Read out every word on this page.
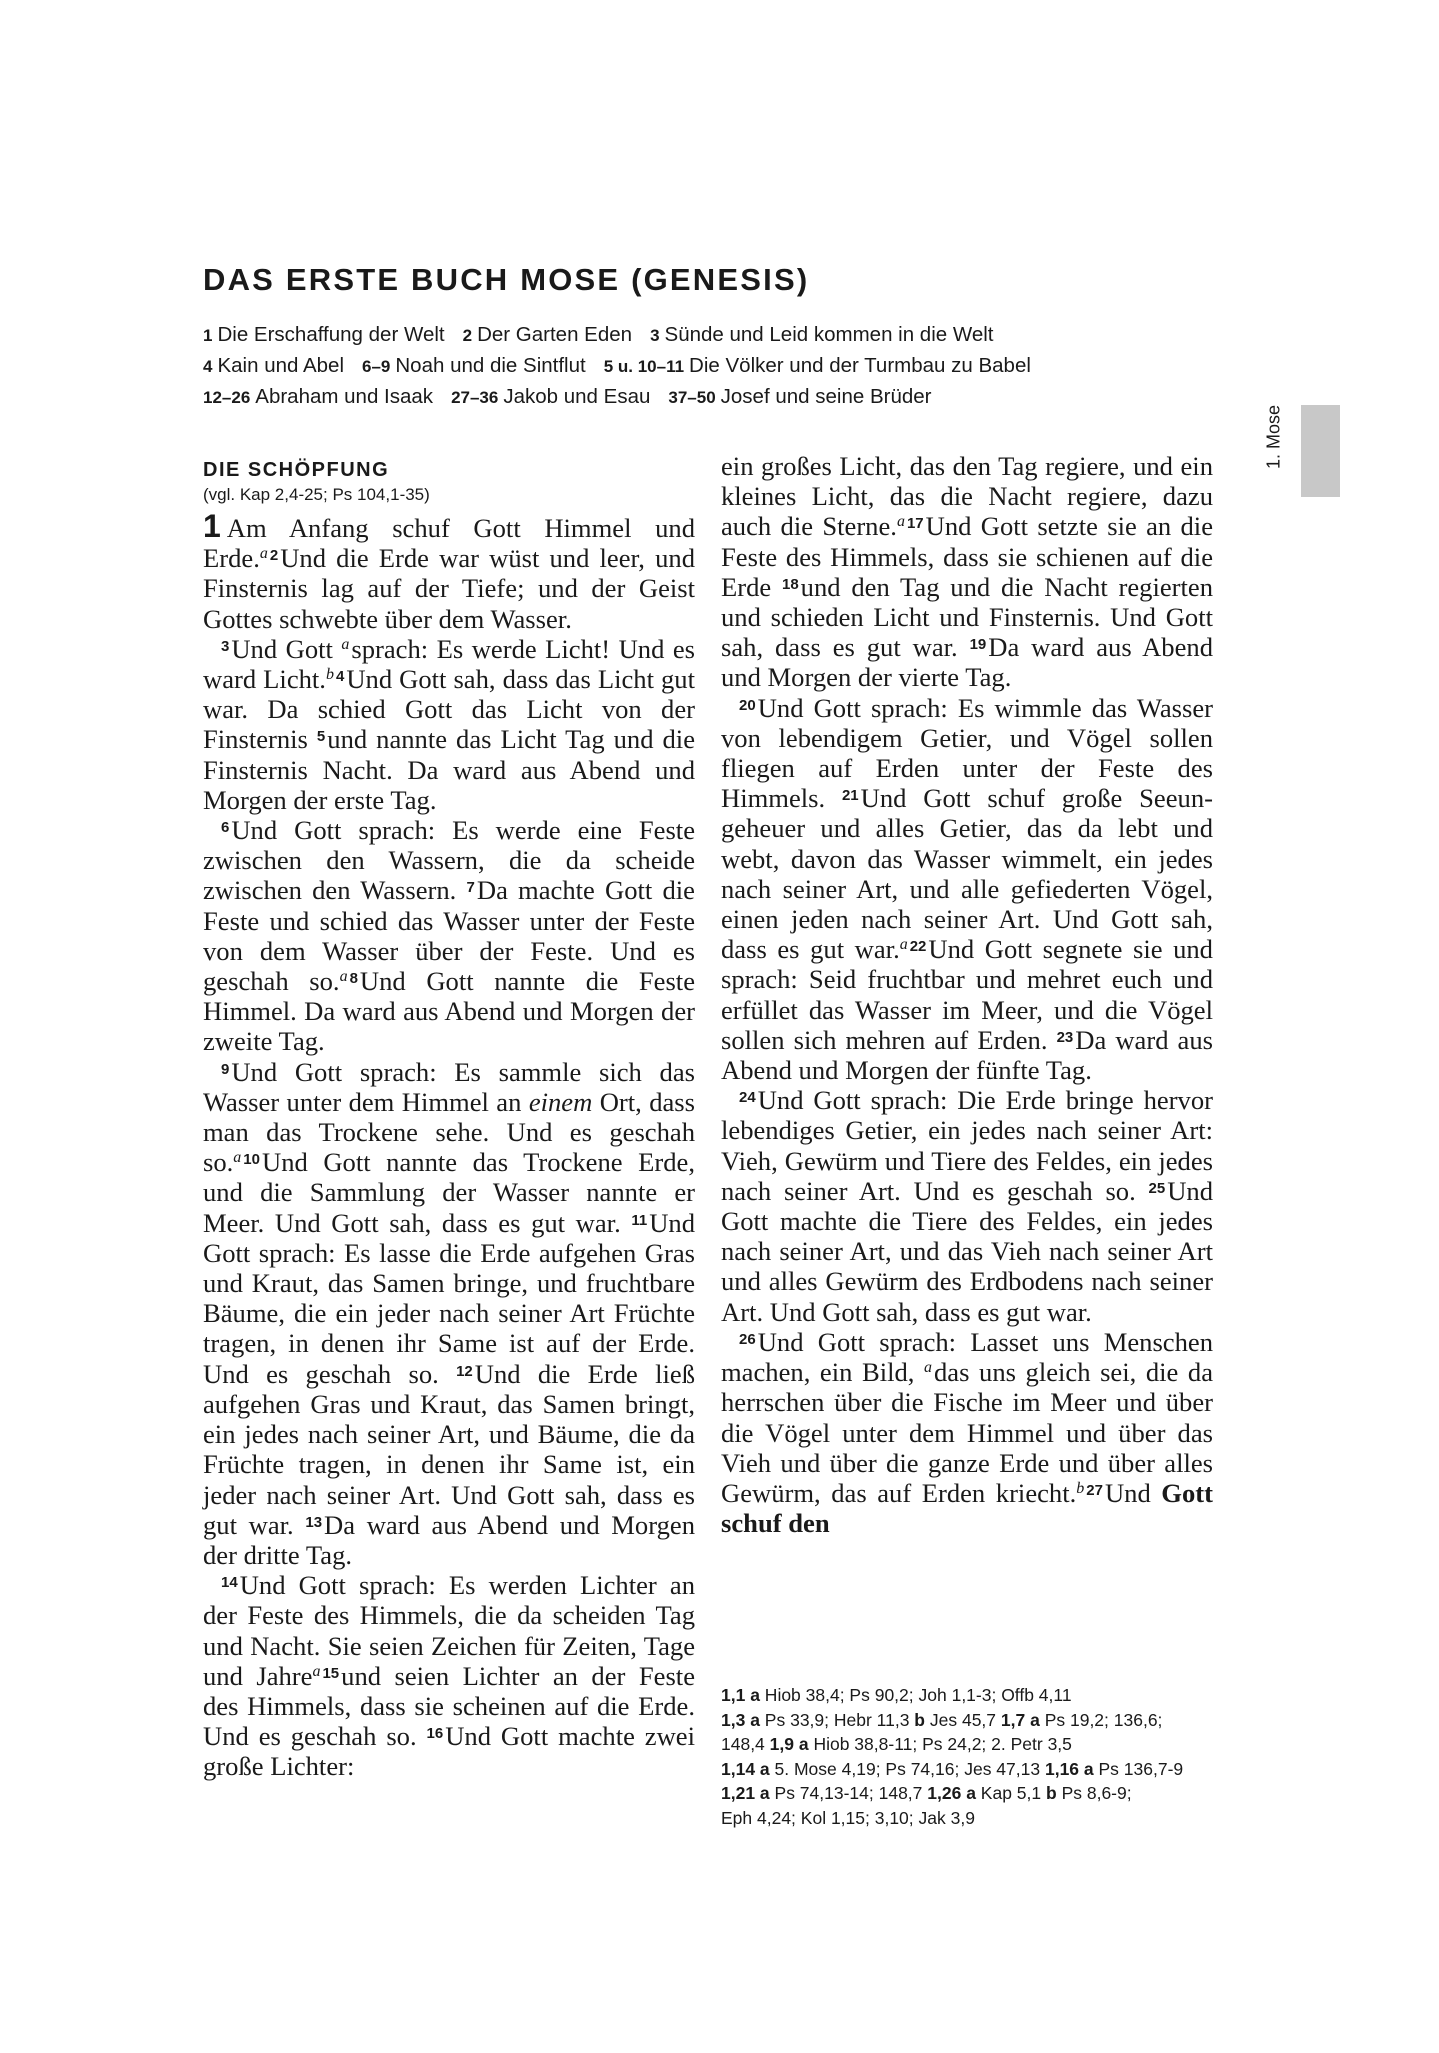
DAS ERSTE BUCH MOSE (GENESIS)
1 Die Erschaffung der Welt 2 Der Garten Eden 3 Sünde und Leid kommen in die Welt
4 Kain und Abel 6–9 Noah und die Sintflut 5 u. 10–11 Die Völker und der Turmbau zu Babel
12–26 Abraham und Isaak 27–36 Jakob und Esau 37–50 Josef und seine Brüder
1. Mose
DIE SCHÖPFUNG
(vgl. Kap 2,4-25; Ps 104,1-35)

1 Am Anfang schuf Gott Himmel und Erde.$^a$ $^2$Und die Erde war wüst und leer, und Finsternis lag auf der Tiefe; und der Geist Gottes schwebte über dem Wasser.

$^3$Und Gott $^a$sprach: Es werde Licht! Und es ward Licht.$^b$ $^4$Und Gott sah, dass das Licht gut war. Da schied Gott das Licht von der Finsternis $^5$und nannte das Licht Tag und die Finsternis Nacht. Da ward aus Abend und Morgen der erste Tag.

$^6$Und Gott sprach: Es werde eine Feste zwischen den Wassern, die da scheide zwischen den Wassern. $^7$Da machte Gott die Feste und schied das Wasser unter der Feste von dem Wasser über der Feste. Und es geschah so.$^a$ $^8$Und Gott nannte die Feste Himmel. Da ward aus Abend und Morgen der zweite Tag.

$^9$Und Gott sprach: Es sammle sich das Wasser unter dem Himmel an einem Ort, dass man das Trockene sehe. Und es geschah so.$^a$ $^{10}$Und Gott nannte das Trockene Erde, und die Sammlung der Wasser nannte er Meer. Und Gott sah, dass es gut war. $^{11}$Und Gott sprach: Es lasse die Erde aufgehen Gras und Kraut, das Samen bringe, und fruchtbare Bäume, die ein jeder nach seiner Art Früchte tragen, in denen ihr Same ist auf der Erde. Und es geschah so. $^{12}$Und die Erde ließ aufgehen Gras und Kraut, das Samen bringt, ein jedes nach seiner Art, und Bäume, die da Früchte tragen, in denen ihr Same ist, ein jeder nach seiner Art. Und Gott sah, dass es gut war. $^{13}$Da ward aus Abend und Morgen der dritte Tag.

$^{14}$Und Gott sprach: Es werden Lichter an der Feste des Himmels, die da scheiden Tag und Nacht. Sie seien Zeichen für Zeiten, Tage und Jahre$^a$ $^{15}$und seien Lichter an der Feste des Himmels, dass sie scheinen auf die Erde. Und es geschah so. $^{16}$Und Gott machte zwei große Lichter:

ein großes Licht, das den Tag regiere, und ein kleines Licht, das die Nacht regiere, dazu auch die Sterne.$^a$ $^{17}$Und Gott setzte sie an die Feste des Himmels, dass sie schienen auf die Erde $^{18}$und den Tag und die Nacht regierten und schieden Licht und Finsternis. Und Gott sah, dass es gut war. $^{19}$Da ward aus Abend und Morgen der vierte Tag.

$^{20}$Und Gott sprach: Es wimmle das Wasser von lebendigem Getier, und Vögel sollen fliegen auf Erden unter der Feste des Himmels. $^{21}$Und Gott schuf große Seeungeheuer und alles Getier, das da lebt und webt, davon das Wasser wimmelt, ein jedes nach seiner Art, und alle gefiederten Vögel, einen jeden nach seiner Art. Und Gott sah, dass es gut war.$^a$ $^{22}$Und Gott segnete sie und sprach: Seid fruchtbar und mehret euch und erfüllet das Wasser im Meer, und die Vögel sollen sich mehren auf Erden. $^{23}$Da ward aus Abend und Morgen der fünfte Tag.

$^{24}$Und Gott sprach: Die Erde bringe hervor lebendiges Getier, ein jedes nach seiner Art: Vieh, Gewürm und Tiere des Feldes, ein jedes nach seiner Art. Und es geschah so. $^{25}$Und Gott machte die Tiere des Feldes, ein jedes nach seiner Art, und das Vieh nach seiner Art und alles Gewürm des Erdbodens nach seiner Art. Und Gott sah, dass es gut war.

$^{26}$Und Gott sprach: Lasset uns Menschen machen, ein Bild, $^a$das uns gleich sei, die da herrschen über die Fische im Meer und über die Vögel unter dem Himmel und über das Vieh und über die ganze Erde und über alles Gewürm, das auf Erden kriecht.$^b$ $^{27}$Und Gott schuf den

1,1 a Hiob 38,4; Ps 90,2; Joh 1,1-3; Offb 4,11
1,3 a Ps 33,9; Hebr 11,3 b Jes 45,7 1,7 a Ps 19,2; 136,6;
148,4 1,9 a Hiob 38,8-11; Ps 24,2; 2. Petr 3,5
1,14 a 5. Mose 4,19; Ps 74,16; Jes 47,13 1,16 a Ps 136,7-9
1,21 a Ps 74,13-14; 148,7 1,26 a Kap 5,1 b Ps 8,6-9;
Eph 4,24; Kol 1,15; 3,10; Jak 3,9
